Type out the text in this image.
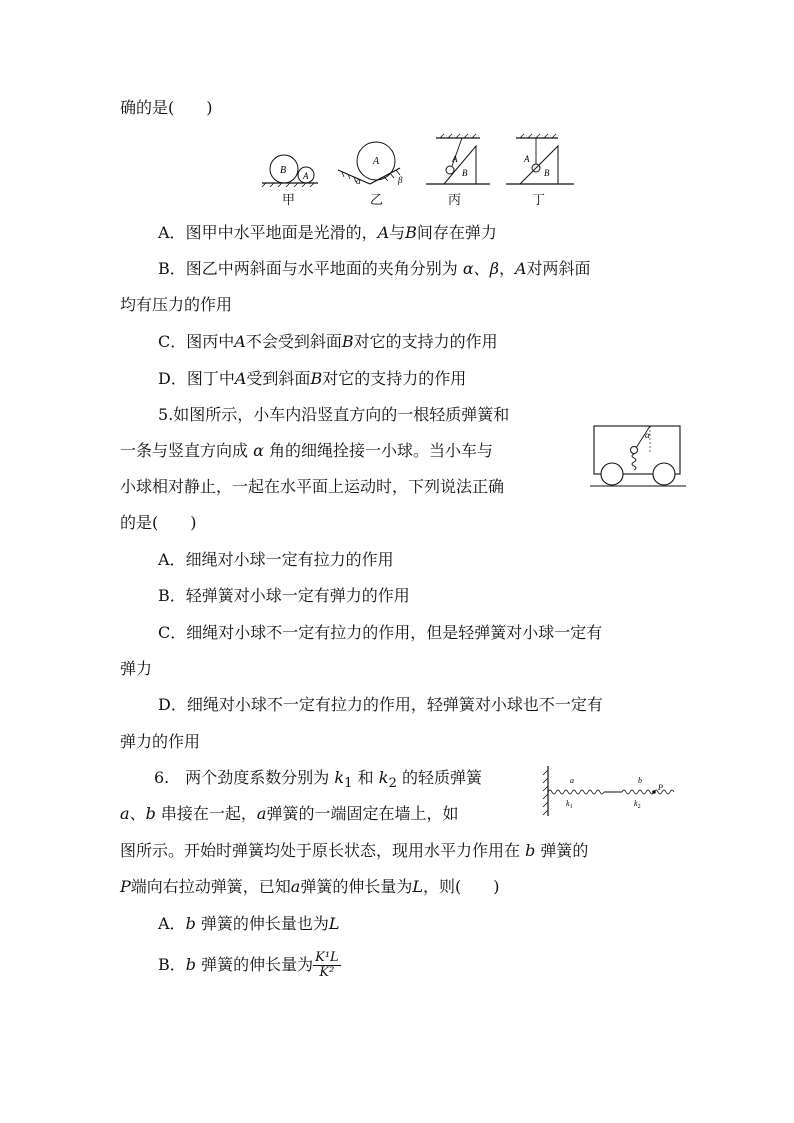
确的是(　　)
B A
A
α	β
A
B
A
B
甲	乙	丙	丁
A．图甲中水平地面是光滑的，A与B间存在弹力
B．图乙中两斜面与水平地面的夹角分别为 α、β，A对两斜面
均有压力的作用
C．图丙中A不会受到斜面B对它的支持力的作用
D．图丁中A受到斜面B对它的支持力的作用
5.如图所示，小车内沿竖直方向的一根轻质弹簧和
一条与竖直方向成 α 角的细绳拴接一小球。当小车与
小球相对静止，一起在水平面上运动时，下列说法正确
的是(　　)
α
A．细绳对小球一定有拉力的作用
B．轻弹簧对小球一定有弹力的作用
C．细绳对小球不一定有拉力的作用，但是轻弹簧对小球一定有
弹力
D．细绳对小球不一定有拉力的作用，轻弹簧对小球也不一定有
弹力的作用
6.　两个劲度系数分别为 $k_1$ 和 $k_2$ 的轻质弹簧
a、b 串接在一起，a弹簧的一端固定在墙上，如
图所示。开始时弹簧均处于原长状态，现用水平力作用在 b 弹簧的
P端向右拉动弹簧，已知a弹簧的伸长量为L，则(　　)
a	b
$k_1$	$k_2$
P
A．b 弹簧的伸长量也为L
B．b 弹簧的伸长量为 $\frac{\text{K¹L}}{\text{K²}}$
